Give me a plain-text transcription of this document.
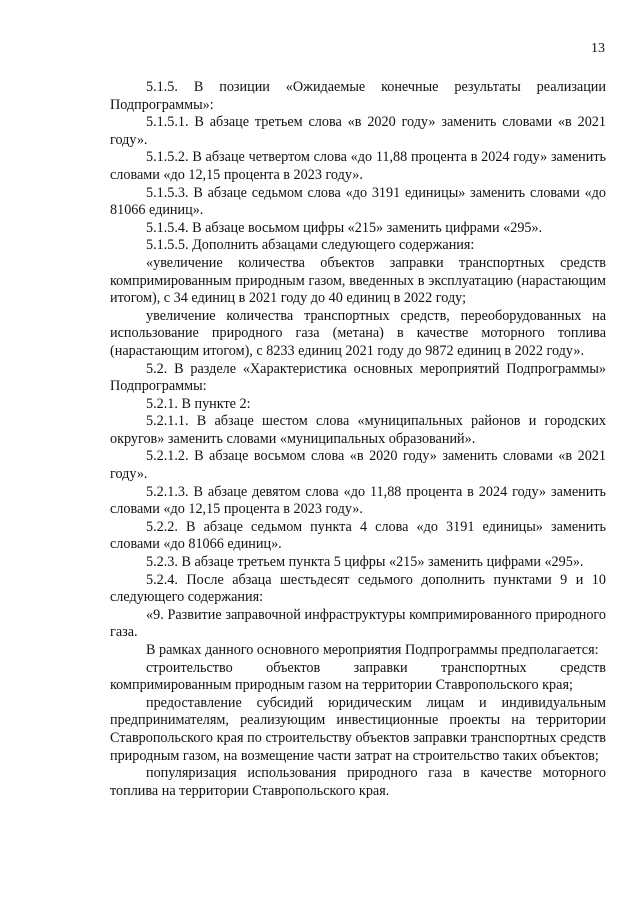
13

5.1.5. В позиции «Ожидаемые конечные результаты реализации Подпрограммы»:

5.1.5.1. В абзаце третьем слова «в 2020 году» заменить словами «в 2021 году».

5.1.5.2. В абзаце четвертом слова «до 11,88 процента в 2024 году» заменить словами «до 12,15 процента в 2023 году».

5.1.5.3. В абзаце седьмом слова «до 3191 единицы» заменить словами «до 81066 единиц».

5.1.5.4. В абзаце восьмом цифры «215» заменить цифрами «295».

5.1.5.5. Дополнить абзацами следующего содержания:

«увеличение количества объектов заправки транспортных средств компримированным природным газом, введенных в эксплуатацию (нарастающим итогом), с 34 единиц в 2021 году до 40 единиц в 2022 году;

увеличение количества транспортных средств, переоборудованных на использование природного газа (метана) в качестве моторного топлива (нарастающим итогом), с 8233 единиц 2021 году до 9872 единиц в 2022 году».

5.2. В разделе «Характеристика основных мероприятий Подпрограммы» Подпрограммы:

5.2.1. В пункте 2:

5.2.1.1. В абзаце шестом слова «муниципальных районов и городских округов» заменить словами «муниципальных образований».

5.2.1.2. В абзаце восьмом слова «в 2020 году» заменить словами «в 2021 году».

5.2.1.3. В абзаце девятом слова «до 11,88 процента в 2024 году» заменить словами «до 12,15 процента в 2023 году».

5.2.2. В абзаце седьмом пункта 4 слова «до 3191 единицы» заменить словами «до 81066 единиц».

5.2.3. В абзаце третьем пункта 5 цифры «215» заменить цифрами «295».

5.2.4. После абзаца шестьдесят седьмого дополнить пунктами 9 и 10 следующего содержания:

«9. Развитие заправочной инфраструктуры компримированного природного газа.

В рамках данного основного мероприятия Подпрограммы предполагается:

строительство объектов заправки транспортных средств компримированным природным газом на территории Ставропольского края;

предоставление субсидий юридическим лицам и индивидуальным предпринимателям, реализующим инвестиционные проекты на территории Ставропольского края по строительству объектов заправки транспортных средств природным газом, на возмещение части затрат на строительство таких объектов;

популяризация использования природного газа в качестве моторного топлива на территории Ставропольского края.
